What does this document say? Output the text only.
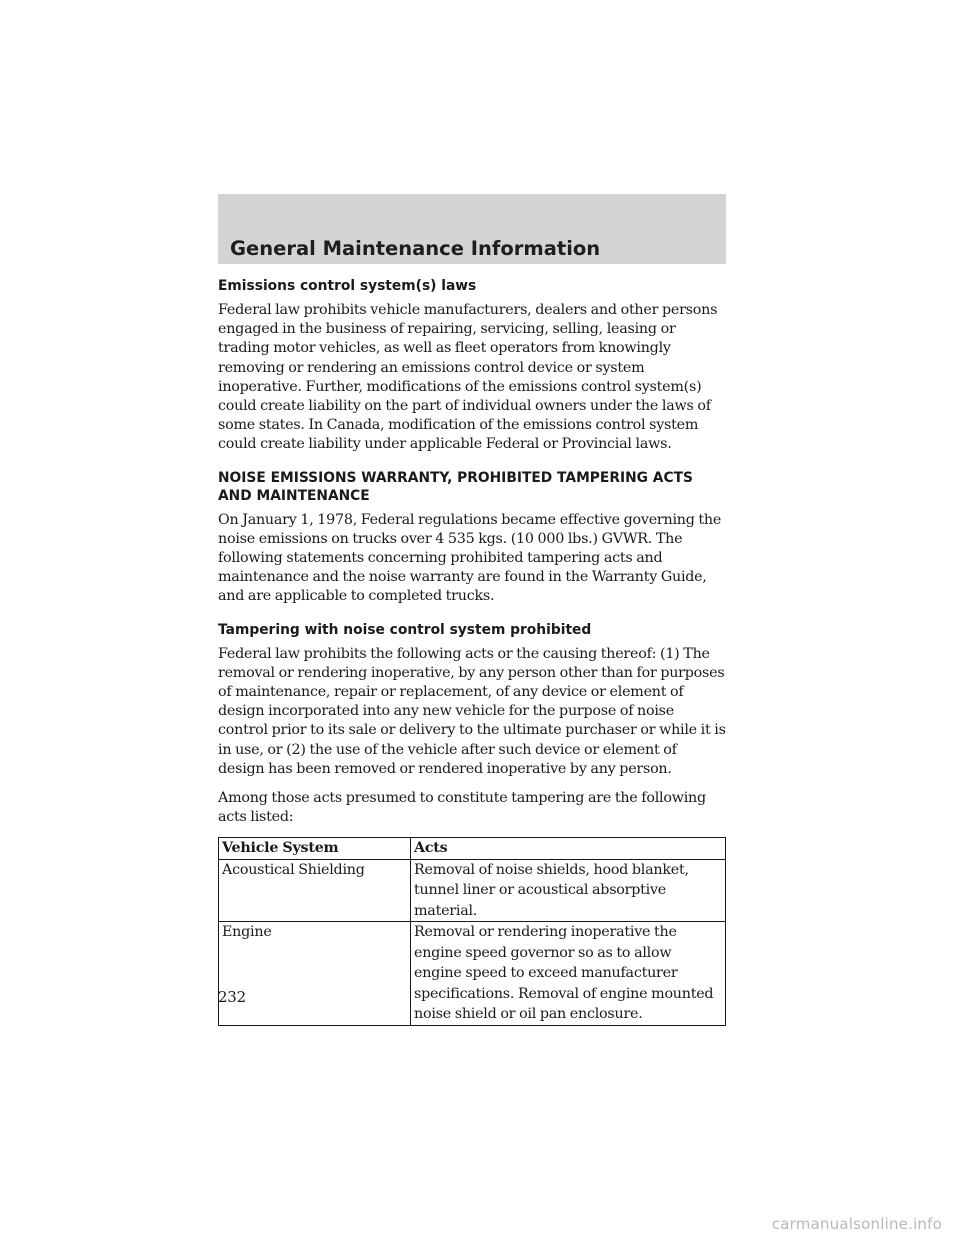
General Maintenance Information
Emissions control system(s) laws

Federal law prohibits vehicle manufacturers, dealers and other persons engaged in the business of repairing, servicing, selling, leasing or trading motor vehicles, as well as fleet operators from knowingly removing or rendering an emissions control device or system inoperative. Further, modifications of the emissions control system(s) could create liability on the part of individual owners under the laws of some states. In Canada, modification of the emissions control system could create liability under applicable Federal or Provincial laws.

NOISE EMISSIONS WARRANTY, PROHIBITED TAMPERING ACTS AND MAINTENANCE

On January 1, 1978, Federal regulations became effective governing the noise emissions on trucks over 4 535 kgs. (10 000 lbs.) GVWR. The following statements concerning prohibited tampering acts and maintenance and the noise warranty are found in the Warranty Guide, and are applicable to completed trucks.

Tampering with noise control system prohibited

Federal law prohibits the following acts or the causing thereof: (1) The removal or rendering inoperative, by any person other than for purposes of maintenance, repair or replacement, of any device or element of design incorporated into any new vehicle for the purpose of noise control prior to its sale or delivery to the ultimate purchaser or while it is in use, or (2) the use of the vehicle after such device or element of design has been removed or rendered inoperative by any person.

Among those acts presumed to constitute tampering are the following acts listed:

Vehicle System	Acts
Acoustical Shielding	Removal of noise shields, hood blanket, tunnel liner or acoustical absorptive material.
Engine	Removal or rendering inoperative the engine speed governor so as to allow engine speed to exceed manufacturer specifications. Removal of engine mounted noise shield or oil pan enclosure.

232

carmanualsonline.info
